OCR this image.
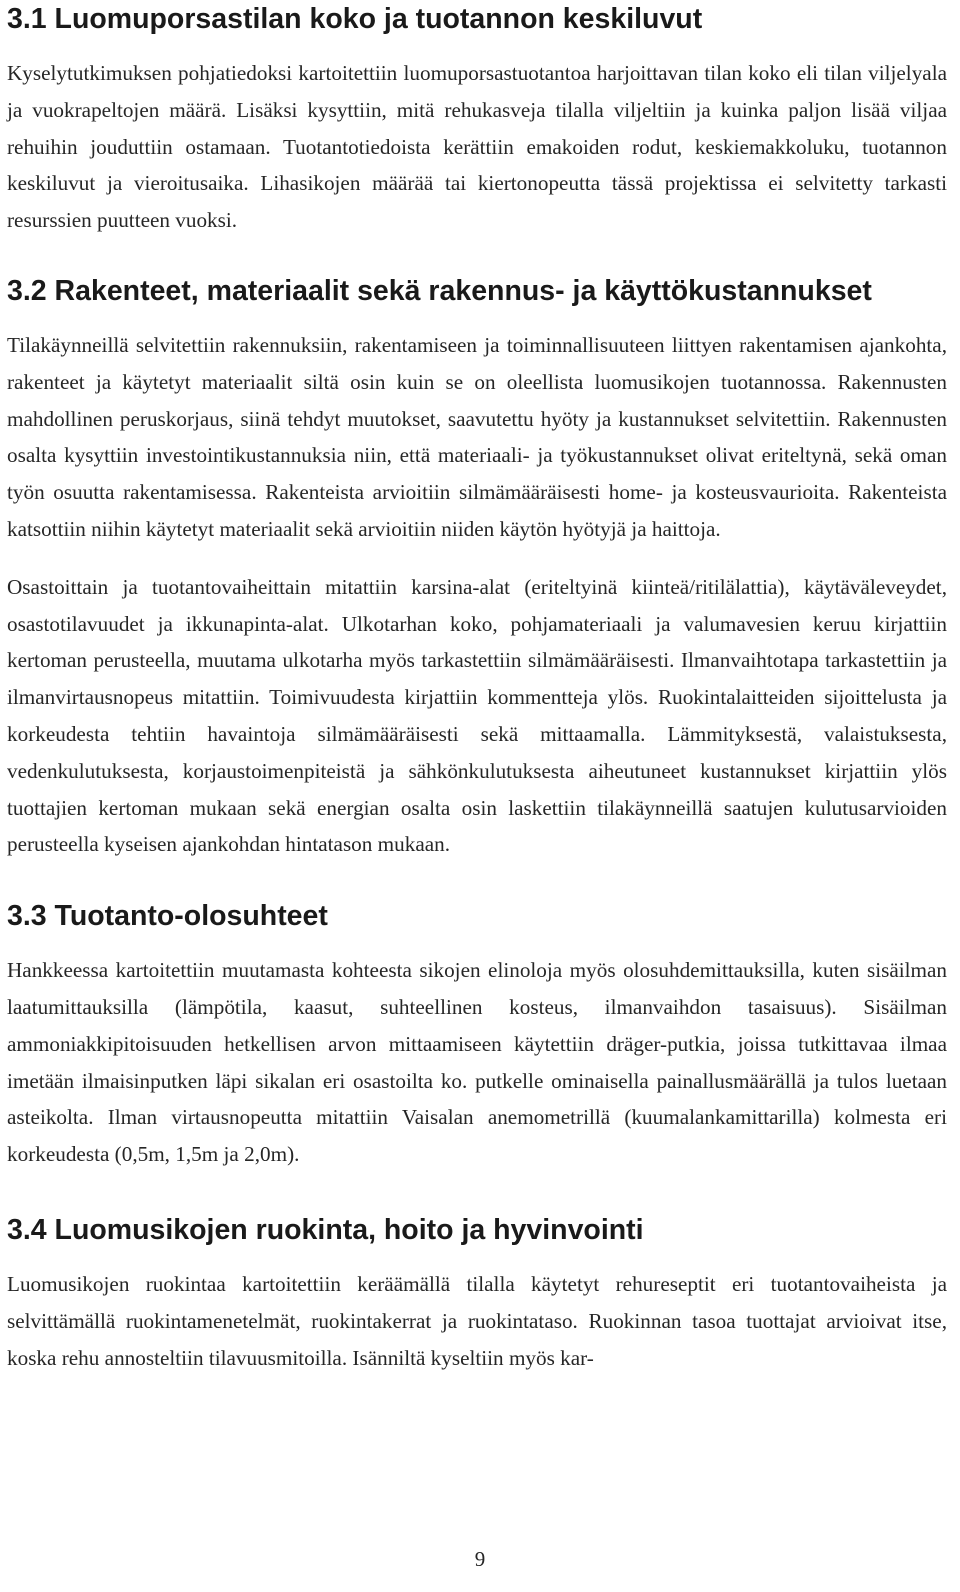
3.1 Luomuporsastilan koko ja tuotannon keskiluvut

Kyselytutkimuksen pohjatiedoksi kartoitettiin luomuporsastuotantoa harjoittavan tilan koko eli tilan viljelyala ja vuokrapeltojen määrä. Lisäksi kysyttiin, mitä rehukasveja tilalla viljeltiin ja kuinka paljon lisää viljaa rehuihin jouduttiin ostamaan. Tuotantotiedoista kerättiin emakoiden rodut, keskiemakkoluku, tuotannon keskiluvut ja vieroitusaika. Lihasikojen määrää tai kiertonopeutta tässä projektissa ei selvitetty tarkasti resurssien puutteen vuoksi.

3.2 Rakenteet, materiaalit sekä rakennus- ja käyttökustannukset

Tilakäynneillä selvitettiin rakennuksiin, rakentamiseen ja toiminnallisuuteen liittyen rakentamisen ajankohta, rakenteet ja käytetyt materiaalit siltä osin kuin se on oleellista luomusikojen tuotannossa. Rakennusten mahdollinen peruskorjaus, siinä tehdyt muutokset, saavutettu hyöty ja kustannukset selvitettiin. Rakennusten osalta kysyttiin investointikustannuksia niin, että materiaali- ja työkustannukset olivat eriteltynä, sekä oman työn osuutta rakentamisessa. Rakenteista arvioitiin silmämääräisesti home- ja kosteusvaurioita. Rakenteista katsottiin niihin käytetyt materiaalit sekä arvioitiin niiden käytön hyötyjä ja haittoja.

Osastoittain ja tuotantovaiheittain mitattiin karsina-alat (eriteltyinä kiinteä/ritilälattia), käytäväleveydet, osastotilavuudet ja ikkunapinta-alat. Ulkotarhan koko, pohjamateriaali ja valumavesien keruu kirjattiin kertoman perusteella, muutama ulkotarha myös tarkastettiin silmämääräisesti. Ilmanvaihtotapa tarkastettiin ja ilmanvirtausnopeus mitattiin. Toimivuudesta kirjattiin kommentteja ylös. Ruokintalaitteiden sijoittelusta ja korkeudesta tehtiin havaintoja silmämääräisesti sekä mittaamalla. Lämmityksestä, valaistuksesta, vedenkulutuksesta, korjaustoimenpiteistä ja sähkönkulutuksesta aiheutuneet kustannukset kirjattiin ylös tuottajien kertoman mukaan sekä energian osalta osin laskettiin tilakäynneillä saatujen kulutusarvioiden perusteella kyseisen ajankohdan hintatason mukaan.

3.3 Tuotanto-olosuhteet

Hankkeessa kartoitettiin muutamasta kohteesta sikojen elinoloja myös olosuhdemittauksilla, kuten sisäilman laatumittauksilla (lämpötila, kaasut, suhteellinen kosteus, ilmanvaihdon tasaisuus). Sisäilman ammoniakkipitoisuuden hetkellisen arvon mittaamiseen käytettiin dräger-putkia, joissa tutkittavaa ilmaa imetään ilmaisinputken läpi sikalan eri osastoilta ko. putkelle ominaisella painallusmäärällä ja tulos luetaan asteikolta. Ilman virtausnopeutta mitattiin Vaisalan anemometrillä (kuumalankamittarilla) kolmesta eri korkeudesta (0,5m, 1,5m ja 2,0m).

3.4 Luomusikojen ruokinta, hoito ja hyvinvointi

Luomusikojen ruokintaa kartoitettiin keräämällä tilalla käytetyt rehureseptit eri tuotantovaiheista ja selvittämällä ruokintamenetelmät, ruokintakerrat ja ruokintataso. Ruokinnan tasoa tuottajat arvioivat itse, koska rehu annosteltiin tilavuusmitoilla. Isänniltä kyseltiin myös kar-

9
